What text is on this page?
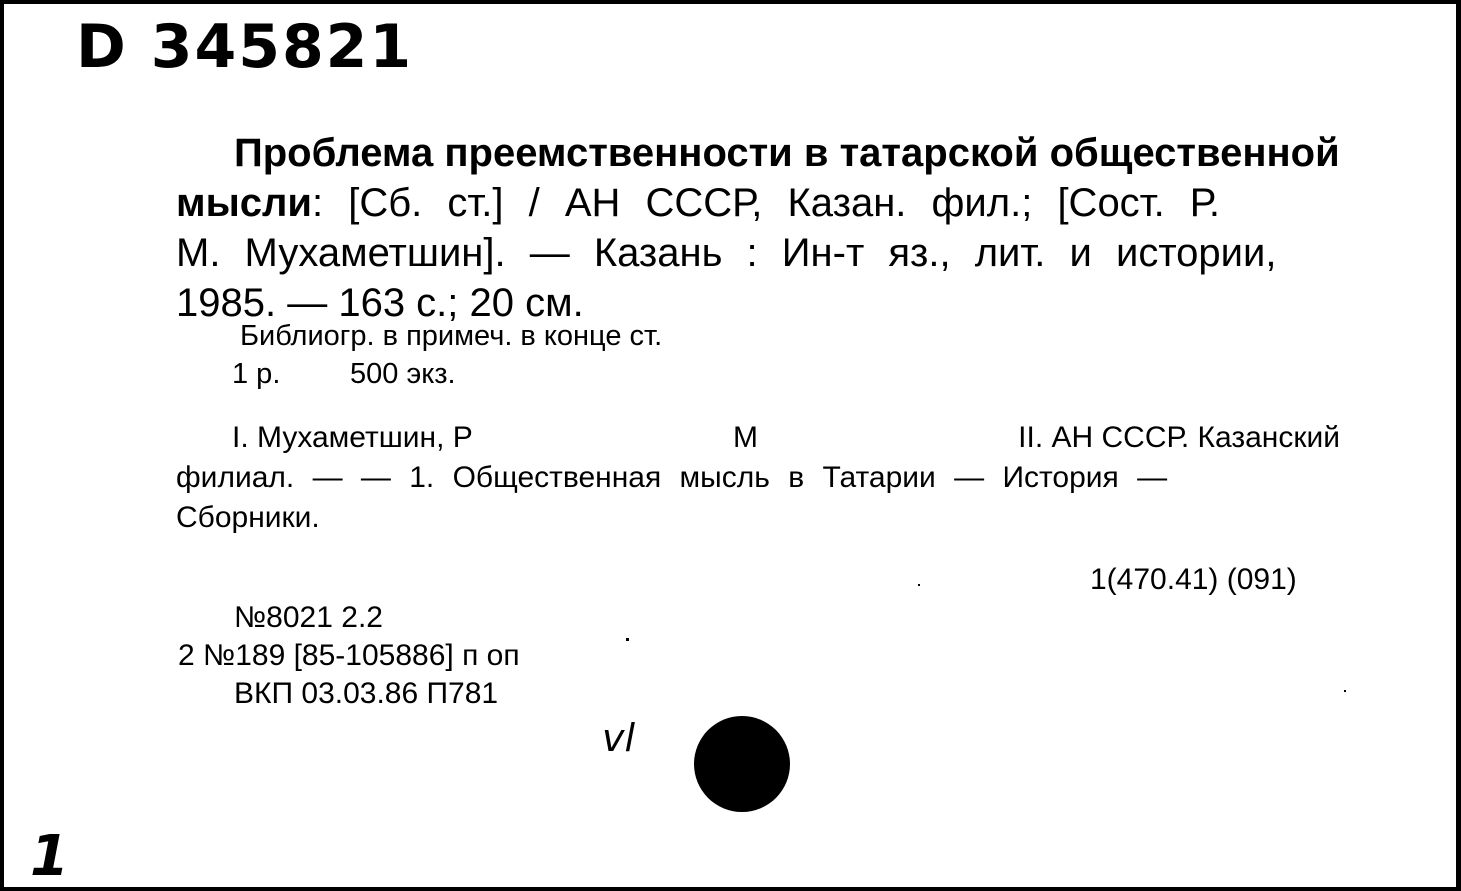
D 345821
Проблема преемственности в татарской общественной
мысли : [Сб. ст.] / АН СССР, Казан. фил.; [Сост. Р.
М. Мухаметшин]. — Казань : Ин-т яз., лит. и истории,
1985. — 163 с.; 20 см.
Библиогр. в примеч. в конце ст.
1 р. 500 экз.
I. Мухаметшин, Р	М	II. АН СССР. Казанский
филиал. — — 1. Общественная мысль в Татарии — История —
Сборники.
1(470.41) (091)
№8021 2.2
2 №189 [85-105886] п оп
ВКП 03.03.86 П781
vl
1
